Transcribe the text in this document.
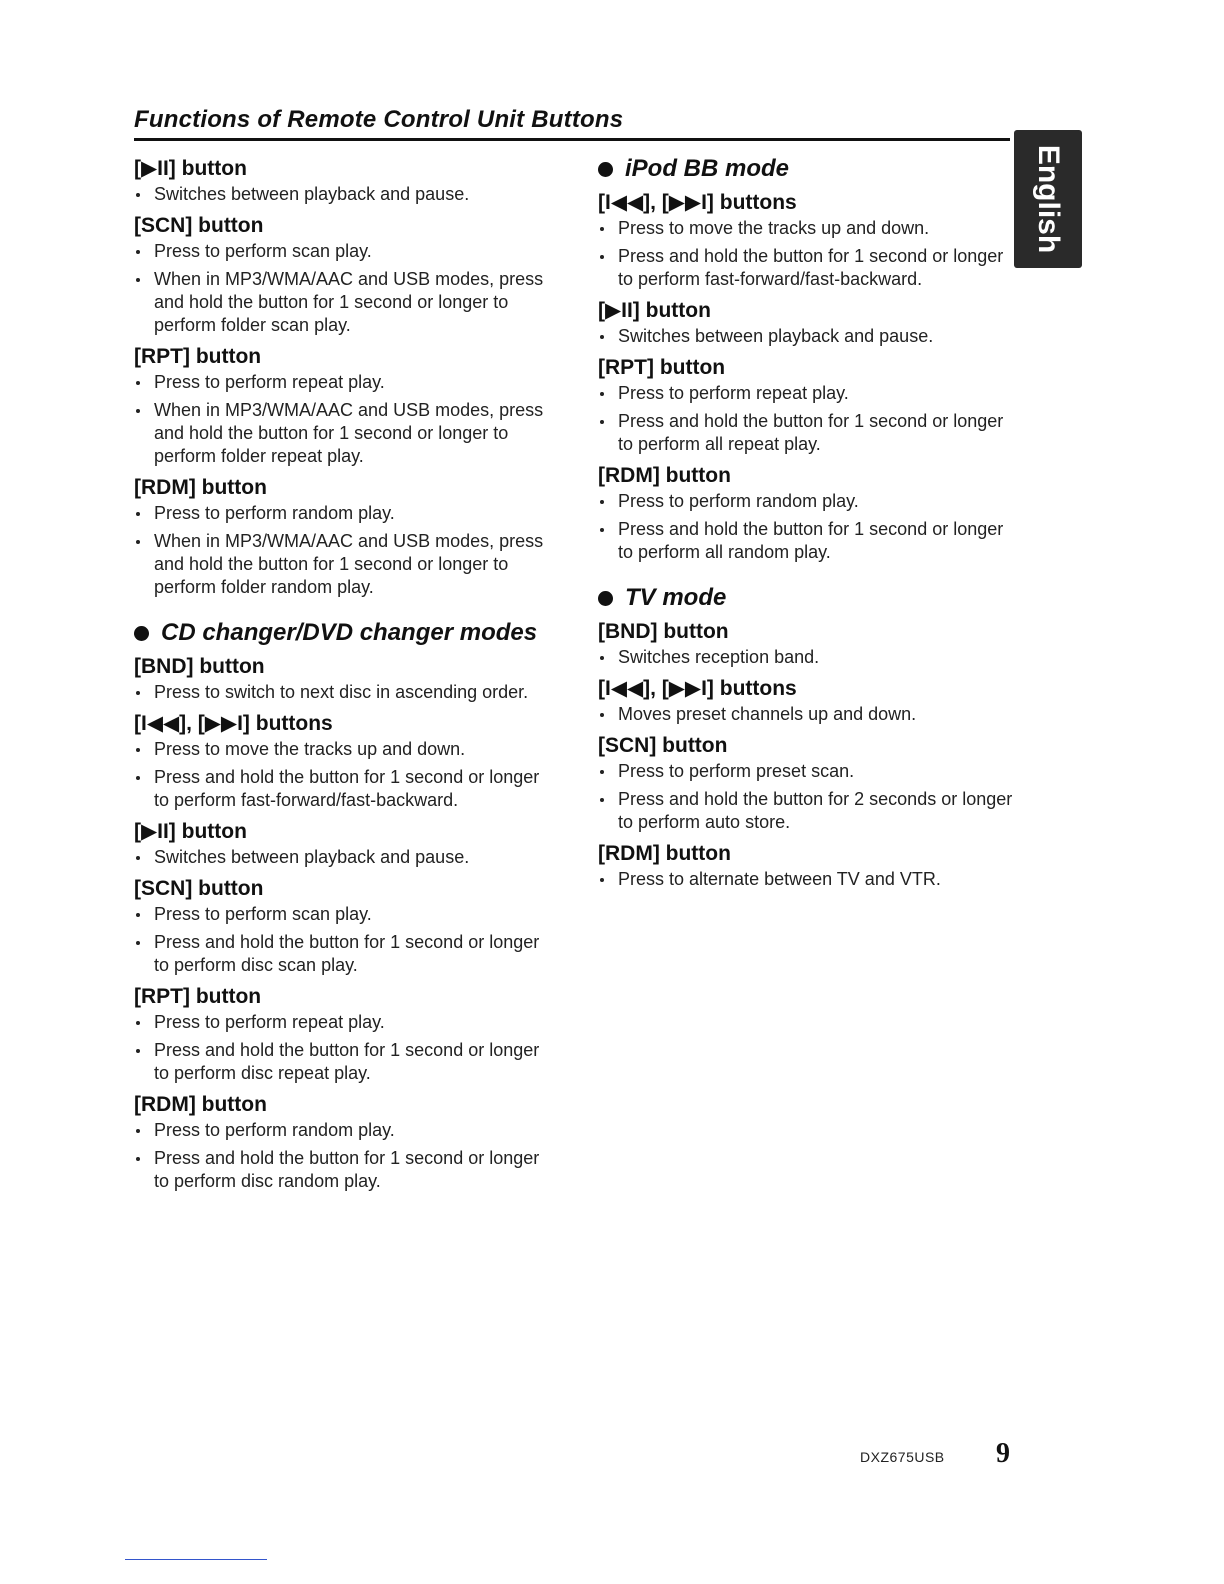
Functions of Remote Control Unit Buttons
English
[▶II] button
Switches between playback and pause.
[SCN] button
Press to perform scan play.
When in MP3/WMA/AAC and USB modes, press and hold the button for 1 second or longer to perform folder scan play.
[RPT] button
Press to perform repeat play.
When in MP3/WMA/AAC and USB modes, press and hold the button for 1 second or longer to perform folder repeat play.
[RDM] button
Press to perform random play.
When in MP3/WMA/AAC and USB modes, press and hold the button for 1 second or longer to perform folder random play.
CD changer/DVD changer modes
[BND] button
Press to switch to next disc in ascending order.
[I◀◀], [▶▶I] buttons
Press to move the tracks up and down.
Press and hold the button for 1 second or longer to perform fast-forward/fast-backward.
[▶II] button
Switches between playback and pause.
[SCN] button
Press to perform scan play.
Press and hold the button for 1 second or longer to perform disc scan play.
[RPT] button
Press to perform repeat play.
Press and hold the button for 1 second or longer to perform disc repeat play.
[RDM] button
Press to perform random play.
Press and hold the button for 1 second or longer to perform disc random play.
iPod BB mode
[I◀◀], [▶▶I] buttons
Press to move the tracks up and down.
Press and hold the button for 1 second or longer to perform fast-forward/fast-backward.
[▶II] button
Switches between playback and pause.
[RPT] button
Press to perform repeat play.
Press and hold the button for 1 second or longer to perform all repeat play.
[RDM] button
Press to perform random play.
Press and hold the button for 1 second or longer to perform all random play.
TV mode
[BND] button
Switches reception band.
[I◀◀], [▶▶I] buttons
Moves preset channels up and down.
[SCN] button
Press to perform preset scan.
Press and hold the button for 2 seconds or longer to perform auto store.
[RDM] button
Press to alternate between TV and VTR.
DXZ675USB 9
